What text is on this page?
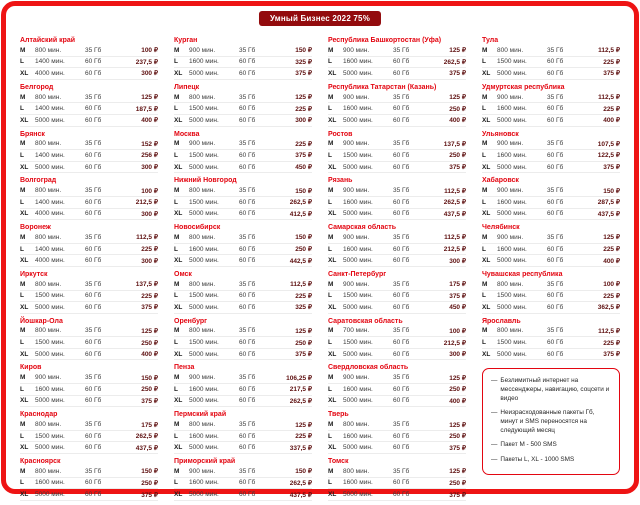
Умный Бизнес 2022 75%
Алтайский край
M	800 мин.	35 Гб	100 ₽
L	1400 мин.	60 Гб	237,5 ₽
XL	4000 мин.	60 Гб	300 ₽
Белгород
M	800 мин.	35 Гб	125 ₽
L	1400 мин.	60 Гб	187,5 ₽
XL	5000 мин.	60 Гб	400 ₽
Брянск
M	800 мин.	35 Гб	152 ₽
L	1400 мин.	60 Гб	256 ₽
XL	5000 мин.	60 Гб	300 ₽
Волгоград
M	800 мин.	35 Гб	100 ₽
L	1400 мин.	60 Гб	212,5 ₽
XL	4000 мин.	60 Гб	300 ₽
Воронеж
M	800 мин.	35 Гб	112,5 ₽
L	1400 мин.	60 Гб	225 ₽
XL	4000 мин.	60 Гб	300 ₽
Иркутск
M	800 мин.	35 Гб	137,5 ₽
L	1500 мин.	60 Гб	225 ₽
XL	5000 мин.	60 Гб	375 ₽
Йошкар-Ола
M	800 мин.	35 Гб	125 ₽
L	1500 мин.	60 Гб	250 ₽
XL	5000 мин.	60 Гб	400 ₽
Киров
M	900 мин.	35 Гб	150 ₽
L	1600 мин.	60 Гб	250 ₽
XL	5000 мин.	60 Гб	375 ₽
Краснодар
M	800 мин.	35 Гб	175 ₽
L	1500 мин.	60 Гб	262,5 ₽
XL	5000 мин.	60 Гб	437,5 ₽
Красноярск
M	800 мин.	35 Гб	150 ₽
L	1600 мин.	60 Гб	250 ₽
XL	5000 мин.	60 Гб	375 ₽
Курган
M	900 мин.	35 Гб	150 ₽
L	1600 мин.	60 Гб	325 ₽
XL	5000 мин.	60 Гб	375 ₽
Липецк
M	800 мин.	35 Гб	125 ₽
L	1500 мин.	60 Гб	225 ₽
XL	5000 мин.	60 Гб	300 ₽
Москва
M	900 мин.	35 Гб	225 ₽
L	1500 мин.	60 Гб	375 ₽
XL	5000 мин.	60 Гб	450 ₽
Нижний Новгород
M	800 мин.	35 Гб	150 ₽
L	1500 мин.	60 Гб	262,5 ₽
XL	5000 мин.	60 Гб	412,5 ₽
Новосибирск
M	800 мин.	35 Гб	150 ₽
L	1600 мин.	60 Гб	250 ₽
XL	5000 мин.	60 Гб	442,5 ₽
Омск
M	800 мин.	35 Гб	112,5 ₽
L	1500 мин.	60 Гб	225 ₽
XL	5000 мин.	60 Гб	325 ₽
Оренбург
M	800 мин.	35 Гб	125 ₽
L	1500 мин.	60 Гб	250 ₽
XL	5000 мин.	60 Гб	375 ₽
Пенза
M	900 мин.	35 Гб	106,25 ₽
L	1600 мин.	60 Гб	217,5 ₽
XL	5000 мин.	60 Гб	262,5 ₽
Пермский край
M	800 мин.	35 Гб	125 ₽
L	1600 мин.	60 Гб	225 ₽
XL	5000 мин.	60 Гб	337,5 ₽
Приморский край
M	900 мин.	35 Гб	150 ₽
L	1600 мин.	60 Гб	262,5 ₽
XL	5000 мин.	60 Гб	437,5 ₽
Республика Башкортостан (Уфа)
M	900 мин.	35 Гб	125 ₽
L	1600 мин.	60 Гб	262,5 ₽
XL	5000 мин.	60 Гб	375 ₽
Республика Татарстан (Казань)
M	900 мин.	35 Гб	125 ₽
L	1600 мин.	60 Гб	250 ₽
XL	5000 мин.	60 Гб	400 ₽
Ростов
M	900 мин.	35 Гб	137,5 ₽
L	1500 мин.	60 Гб	250 ₽
XL	5000 мин.	60 Гб	375 ₽
Рязань
M	900 мин.	35 Гб	112,5 ₽
L	1600 мин.	60 Гб	262,5 ₽
XL	5000 мин.	60 Гб	437,5 ₽
Самарская область
M	900 мин.	35 Гб	112,5 ₽
L	1600 мин.	60 Гб	212,5 ₽
XL	5000 мин.	60 Гб	300 ₽
Санкт-Петербург
M	900 мин.	35 Гб	175 ₽
L	1500 мин.	60 Гб	375 ₽
XL	5000 мин.	60 Гб	450 ₽
Саратовская область
M	700 мин.	35 Гб	100 ₽
L	1500 мин.	60 Гб	212,5 ₽
XL	5000 мин.	60 Гб	300 ₽
Свердловская область
M	900 мин.	35 Гб	125 ₽
L	1600 мин.	60 Гб	250 ₽
XL	5000 мин.	60 Гб	400 ₽
Тверь
M	800 мин.	35 Гб	125 ₽
L	1600 мин.	60 Гб	250 ₽
XL	5000 мин.	60 Гб	375 ₽
Томск
M	800 мин.	35 Гб	125 ₽
L	1600 мин.	60 Гб	250 ₽
XL	5000 мин.	60 Гб	375 ₽
Тула
M	800 мин.	35 Гб	112,5 ₽
L	1500 мин.	60 Гб	225 ₽
XL	5000 мин.	60 Гб	375 ₽
Удмуртская республика
M	900 мин.	35 Гб	112,5 ₽
L	1600 мин.	60 Гб	225 ₽
XL	5000 мин.	60 Гб	400 ₽
Ульяновск
M	900 мин.	35 Гб	107,5 ₽
L	1600 мин.	60 Гб	122,5 ₽
XL	5000 мин.	60 Гб	375 ₽
Хабаровск
M	900 мин.	35 Гб	150 ₽
L	1600 мин.	60 Гб	287,5 ₽
XL	5000 мин.	60 Гб	437,5 ₽
Челябинск
M	900 мин.	35 Гб	125 ₽
L	1600 мин.	60 Гб	225 ₽
XL	5000 мин.	60 Гб	400 ₽
Чувашская республика
M	800 мин.	35 Гб	100 ₽
L	1500 мин.	60 Гб	225 ₽
XL	5000 мин.	60 Гб	362,5 ₽
Ярославль
M	800 мин.	35 Гб	112,5 ₽
L	1500 мин.	60 Гб	225 ₽
XL	5000 мин.	60 Гб	375 ₽
— Безлимитный интернет на мессенджеры, навигацию, соцсети и видео
— Неизрасходованные пакеты Гб, минут и SMS переносятся на следующий месяц
— Пакет M - 500 SMS
— Пакеты L, XL - 1000 SMS
